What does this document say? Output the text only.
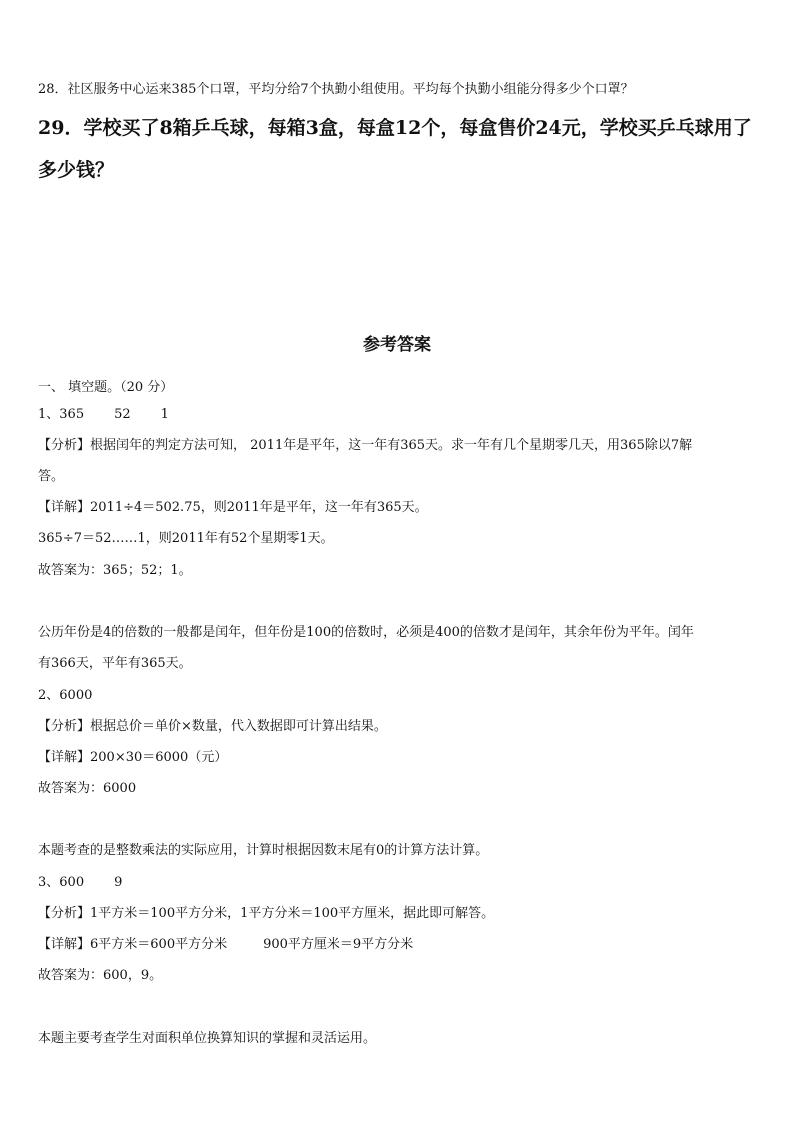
28．社区服务中心运来385个口罩，平均分给7个执勤小组使用。平均每个执勤小组能分得多少个口罩？
29．学校买了8箱乒乓球，每箱3盒，每盒12个，每盒售价24元，学校买乒乓球用了
多少钱？
参考答案
一、 填空题。（20 分）
1、365 52 1
【分析】根据闰年的判定方法可知， 2011年是平年，这一年有365天。求一年有几个星期零几天，用365除以7解
答。
【详解】2011÷4＝502.75，则2011年是平年，这一年有365天。
365÷7＝52……1，则2011年有52个星期零1天。
故答案为：365；52；1。
公历年份是4的倍数的一般都是闰年，但年份是100的倍数时，必须是400的倍数才是闰年，其余年份为平年。闰年
有366天，平年有365天。
2、6000
【分析】根据总价＝单价×数量，代入数据即可计算出结果。
【详解】200×30＝6000（元）
故答案为：6000
本题考查的是整数乘法的实际应用，计算时根据因数末尾有0的计算方法计算。
3、600 9
【分析】1平方米＝100平方分米，1平方分米＝100平方厘米，据此即可解答。
【详解】6平方米＝600平方分米	900平方厘米＝9平方分米
故答案为：600，9。
本题主要考查学生对面积单位换算知识的掌握和灵活运用。
